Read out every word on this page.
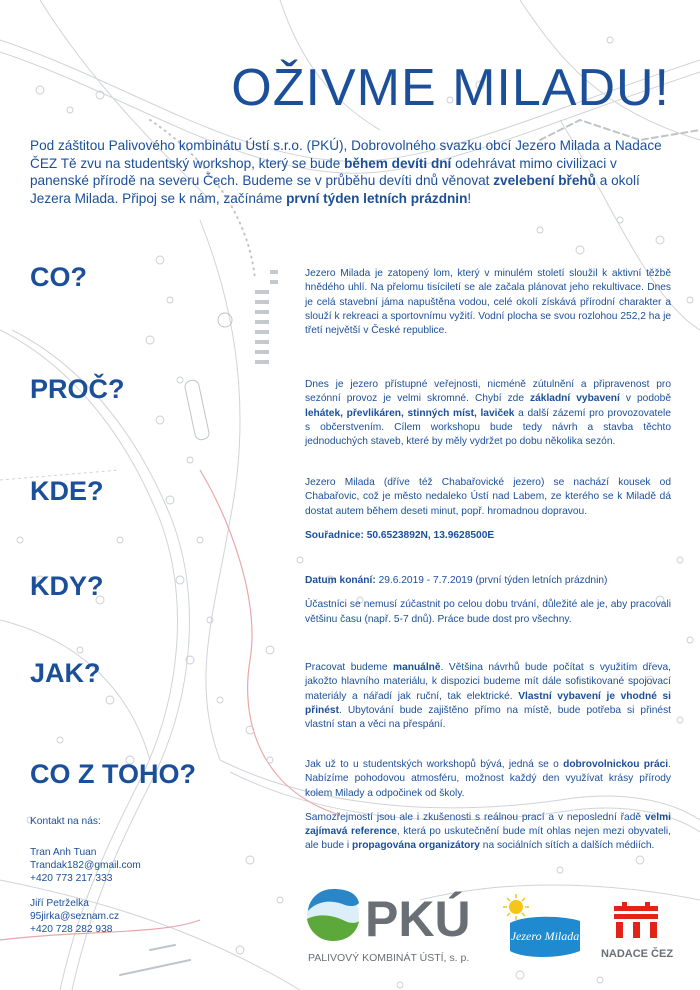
OŽIVME MILADU!
Pod záštitou Palivového kombinátu Ústí s.r.o. (PKÚ), Dobrovolného svazku obcí Jezero Milada a Nadace ČEZ Tě zvu na studentský workshop, který se bude během devíti dní odehrávat mimo civilizaci v panenské přírodě na severu Čech. Budeme se v průběhu devíti dnů věnovat zvelebení břehů a okolí Jezera Milada. Připoj se k nám, začínáme první týden letních prázdnin!
CO?	Jezero Milada je zatopený lom, který v minulém století sloužil k aktivní těžbě hnědého uhlí. Na přelomu tisíciletí se ale začala plánovat jeho rekultivace. Dnes je celá stavební jáma napuštěna vodou, celé okolí získává přírodní charakter a slouží k rekreaci a sportovnímu vyžití. Vodní plocha se svou rozlohou 252,2 ha je třetí největší v České republice.

PROČ?	Dnes je jezero přístupné veřejnosti, nicméně zútulnění a připravenost pro sezónní provoz je velmi skromné. Chybí zde základní vybavení v podobě lehátek, převlikáren, stinných míst, laviček a další zázemí pro provozovatele s občerstvením. Cílem workshopu bude tedy návrh a stavba těchto jednoduchých staveb, které by měly vydržet po dobu několika sezón.

KDE?	Jezero Milada (dříve též Chabařovické jezero) se nachází kousek od Chabařovic, což je město nedaleko Ústí nad Labem, ze kterého se k Miladě dá dostat autem během deseti minut, popř. hromadnou dopravou.

Souřadnice: 50.6523892N, 13.9628500E

KDY?	Datum konání: 29.6.2019 - 7.7.2019 (první týden letních prázdnin)

Účastníci se nemusí zúčastnit po celou dobu trvání, důležité ale je, aby pracovali většinu času (např. 5-7 dnů). Práce bude dost pro všechny.

JAK?	Pracovat budeme manuálně. Většina návrhů bude počítat s využitím dřeva, jakožto hlavního materiálu, k dispozici budeme mít dále sofistikované spojovací materiály a nářadí jak ruční, tak elektrické. Vlastní vybavení je vhodné si přinést. Ubytování bude zajištěno přímo na místě, bude potřeba si přinést vlastní stan a věci na přespání.

CO Z TOHO?	Jak už to u studentských workshopů bývá, jedná se o dobrovolnickou práci. Nabízíme pohodovou atmosféru, možnost každý den využívat krásy přírody kolem Milady a odpočinek od školy.

Samozřejmostí jsou ale i zkušenosti s reálnou prací a v neposlední řadě velmi zajímavá reference, která po uskutečnění bude mít ohlas nejen mezi obyvateli, ale bude i propagována organizátory na sociálních sítích a dalších médiích.

Kontakt na nás:
Tran Anh Tuan
Trandak182@gmail.com
+420 773 217 333
Jiří Petrželka
95jirka@seznam.cz
+420 728 282 938	PKÚ
PALIVOVÝ KOMBINÁT ÚSTÍ, s. p.
Jezero Milada
NADACE ČEZ
